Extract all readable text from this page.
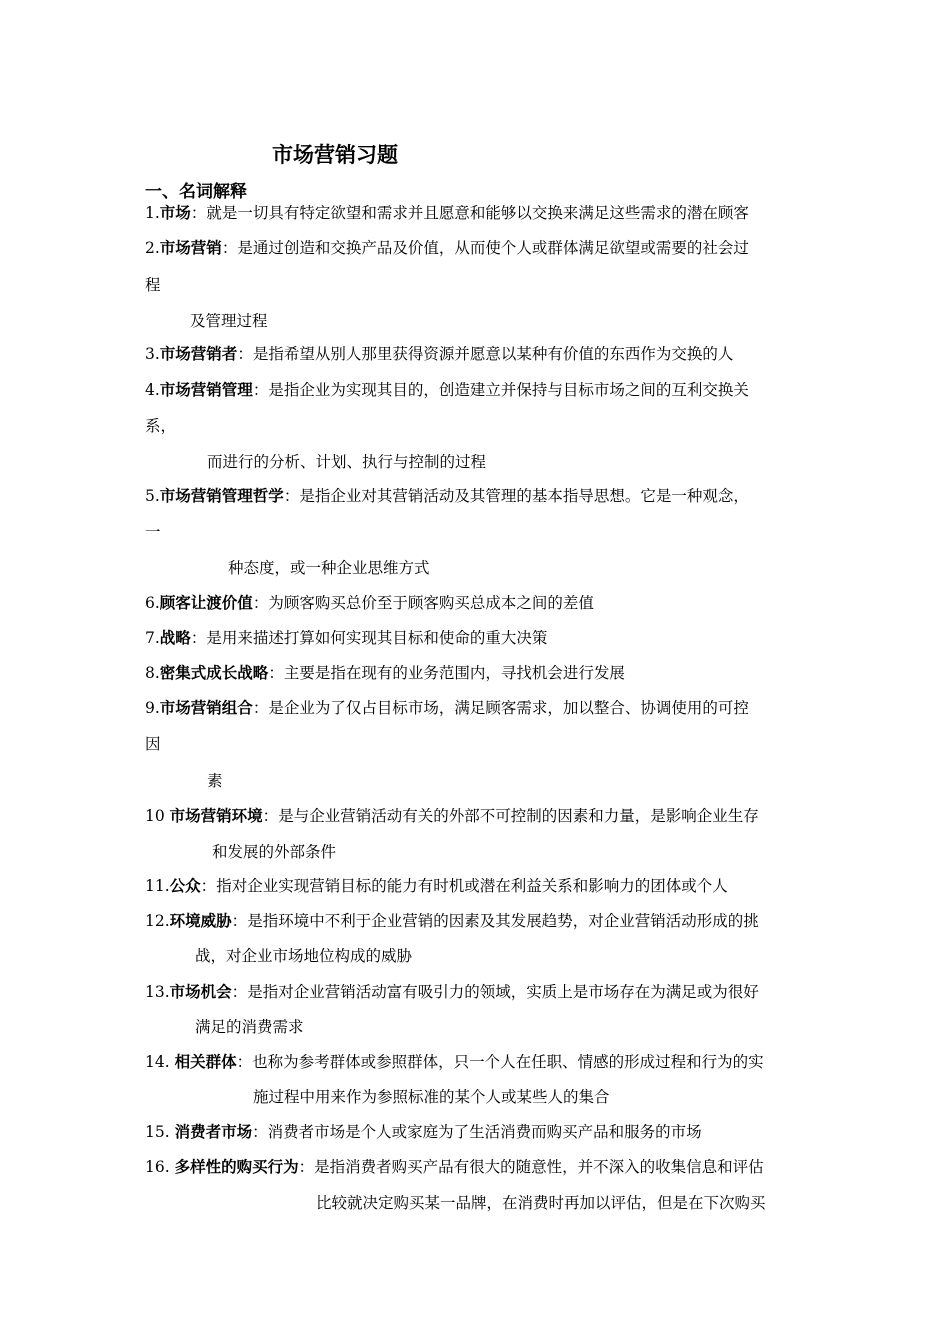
市场营销习题
一、名词解释
1.市场：就是一切具有特定欲望和需求并且愿意和能够以交换来满足这些需求的潜在顾客
2.市场营销：是通过创造和交换产品及价值，从而使个人或群体满足欲望或需要的社会过
程
及管理过程
3.市场营销者：是指希望从别人那里获得资源并愿意以某种有价值的东西作为交换的人
4.市场营销管理：是指企业为实现其目的，创造建立并保持与目标市场之间的互利交换关
系，
而进行的分析、计划、执行与控制的过程
5.市场营销管理哲学：是指企业对其营销活动及其管理的基本指导思想。它是一种观念，
一
种态度，或一种企业思维方式
6.顾客让渡价值：为顾客购买总价至于顾客购买总成本之间的差值
7.战略：是用来描述打算如何实现其目标和使命的重大决策
8.密集式成长战略：主要是指在现有的业务范围内，寻找机会进行发展
9.市场营销组合：是企业为了仅占目标市场，满足顾客需求，加以整合、协调使用的可控
因
素
10 市场营销环境：是与企业营销活动有关的外部不可控制的因素和力量，是影响企业生存
和发展的外部条件
11.公众：指对企业实现营销目标的能力有时机或潜在利益关系和影响力的团体或个人
12.环境威胁：是指环境中不利于企业营销的因素及其发展趋势，对企业营销活动形成的挑
战，对企业市场地位构成的威胁
13.市场机会：是指对企业营销活动富有吸引力的领域，实质上是市场存在为满足或为很好
满足的消费需求
14. 相关群体：也称为参考群体或参照群体，只一个人在任职、情感的形成过程和行为的实
施过程中用来作为参照标准的某个人或某些人的集合
15. 消费者市场：消费者市场是个人或家庭为了生活消费而购买产品和服务的市场
16. 多样性的购买行为：是指消费者购买产品有很大的随意性，并不深入的收集信息和评估
比较就决定购买某一品牌，在消费时再加以评估，但是在下次购买
